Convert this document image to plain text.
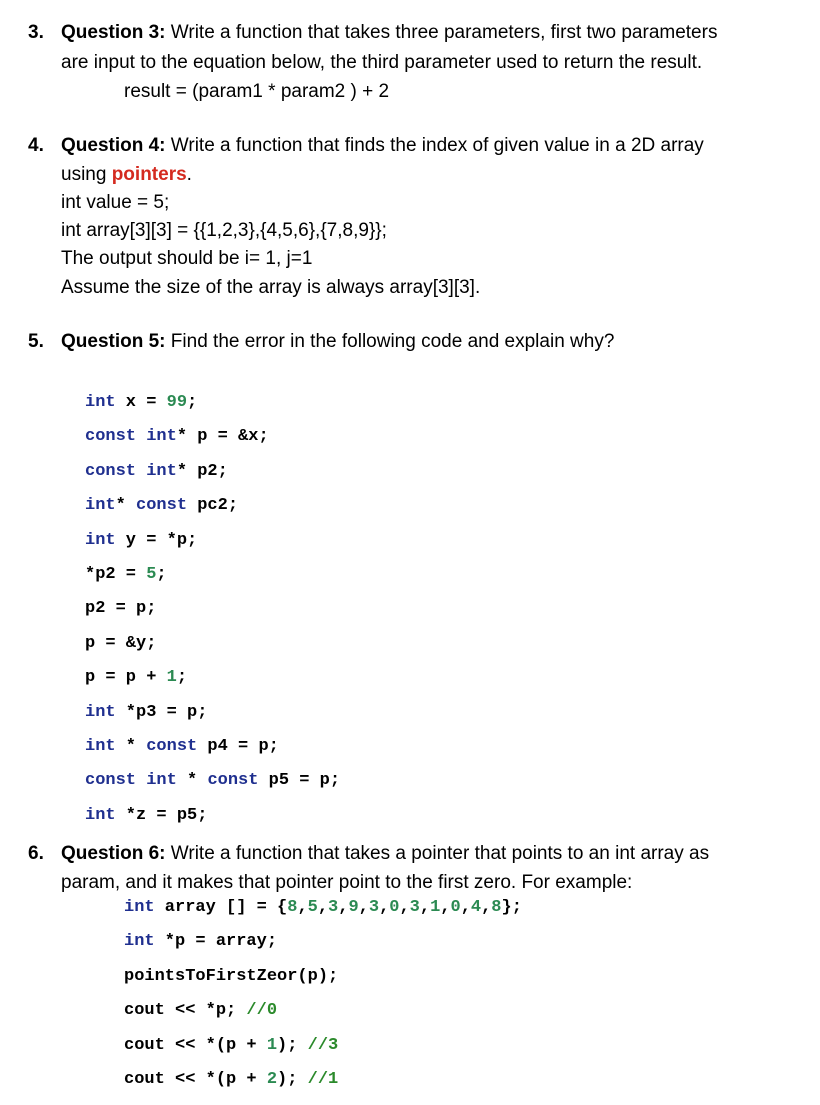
3. Question 3: Write a function that takes three parameters, first two parameters
are input to the equation below, the third parameter used to return the result.
result = (param1 * param2 ) + 2
4. Question 4: Write a function that finds the index of given value in a 2D array
using pointers.
int value = 5;
int array[3][3] = {{1,2,3},{4,5,6},{7,8,9}};
The output should be i= 1, j=1
Assume the size of the array is always array[3][3].
5. Question 5: Find the error in the following code and explain why?
int x = 99;
const int* p = &x;
const int* p2;
int* const pc2;
int y = *p;
*p2 = 5;
p2 = p;
p = &y;
p = p + 1;
int *p3 = p;
int * const p4 = p;
const int * const p5 = p;
int *z = p5;
6. Question 6: Write a function that takes a pointer that points to an int array as
param, and it makes that pointer point to the first zero. For example:
int array [] = {8,5,3,9,3,0,3,1,0,4,8};
int *p = array;
pointsToFirstZeor(p);
cout << *p; //0
cout << *(p + 1); //3
cout << *(p + 2); //1
